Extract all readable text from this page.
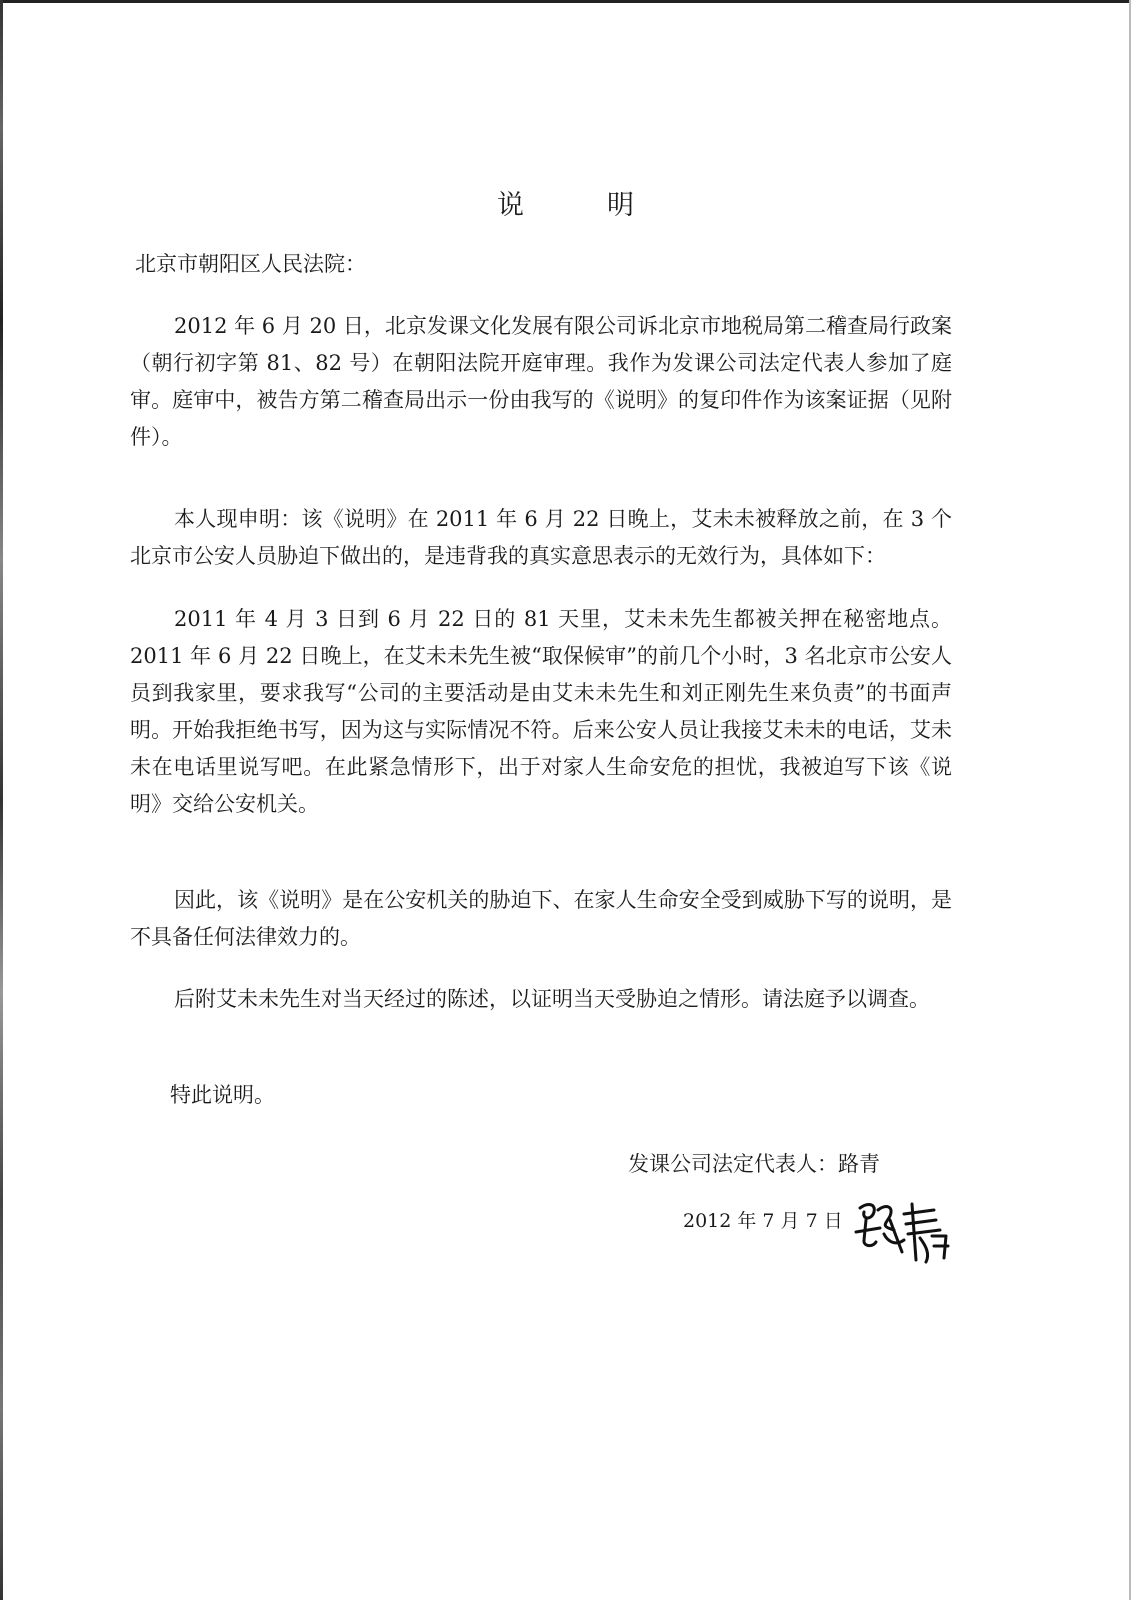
说　明
北京市朝阳区人民法院：

2012 年 6 月 20 日，北京发课文化发展有限公司诉北京市地税局第二稽查局行政案（朝行初字第 81、82 号）在朝阳法院开庭审理。我作为发课公司法定代表人参加了庭审。庭审中，被告方第二稽查局出示一份由我写的《说明》的复印件作为该案证据（见附件）。

本人现申明：该《说明》在 2011 年 6 月 22 日晚上，艾未未被释放之前，在 3 个北京市公安人员胁迫下做出的，是违背我的真实意思表示的无效行为，具体如下：

2011 年 4 月 3 日到 6 月 22 日的 81 天里，艾未未先生都被关押在秘密地点。2011 年 6 月 22 日晚上，在艾未未先生被“取保候审”的前几个小时，3 名北京市公安人员到我家里，要求我写“公司的主要活动是由艾未未先生和刘正刚先生来负责”的书面声明。开始我拒绝书写，因为这与实际情况不符。后来公安人员让我接艾未未的电话，艾未未在电话里说写吧。在此紧急情形下，出于对家人生命安危的担忧，我被迫写下该《说明》交给公安机关。

因此，该《说明》是在公安机关的胁迫下、在家人生命安全受到威胁下写的说明，是不具备任何法律效力的。

后附艾未未先生对当天经过的陈述，以证明当天受胁迫之情形。请法庭予以调查。

特此说明。
发课公司法定代表人：路青
2012 年 7 月 7 日
